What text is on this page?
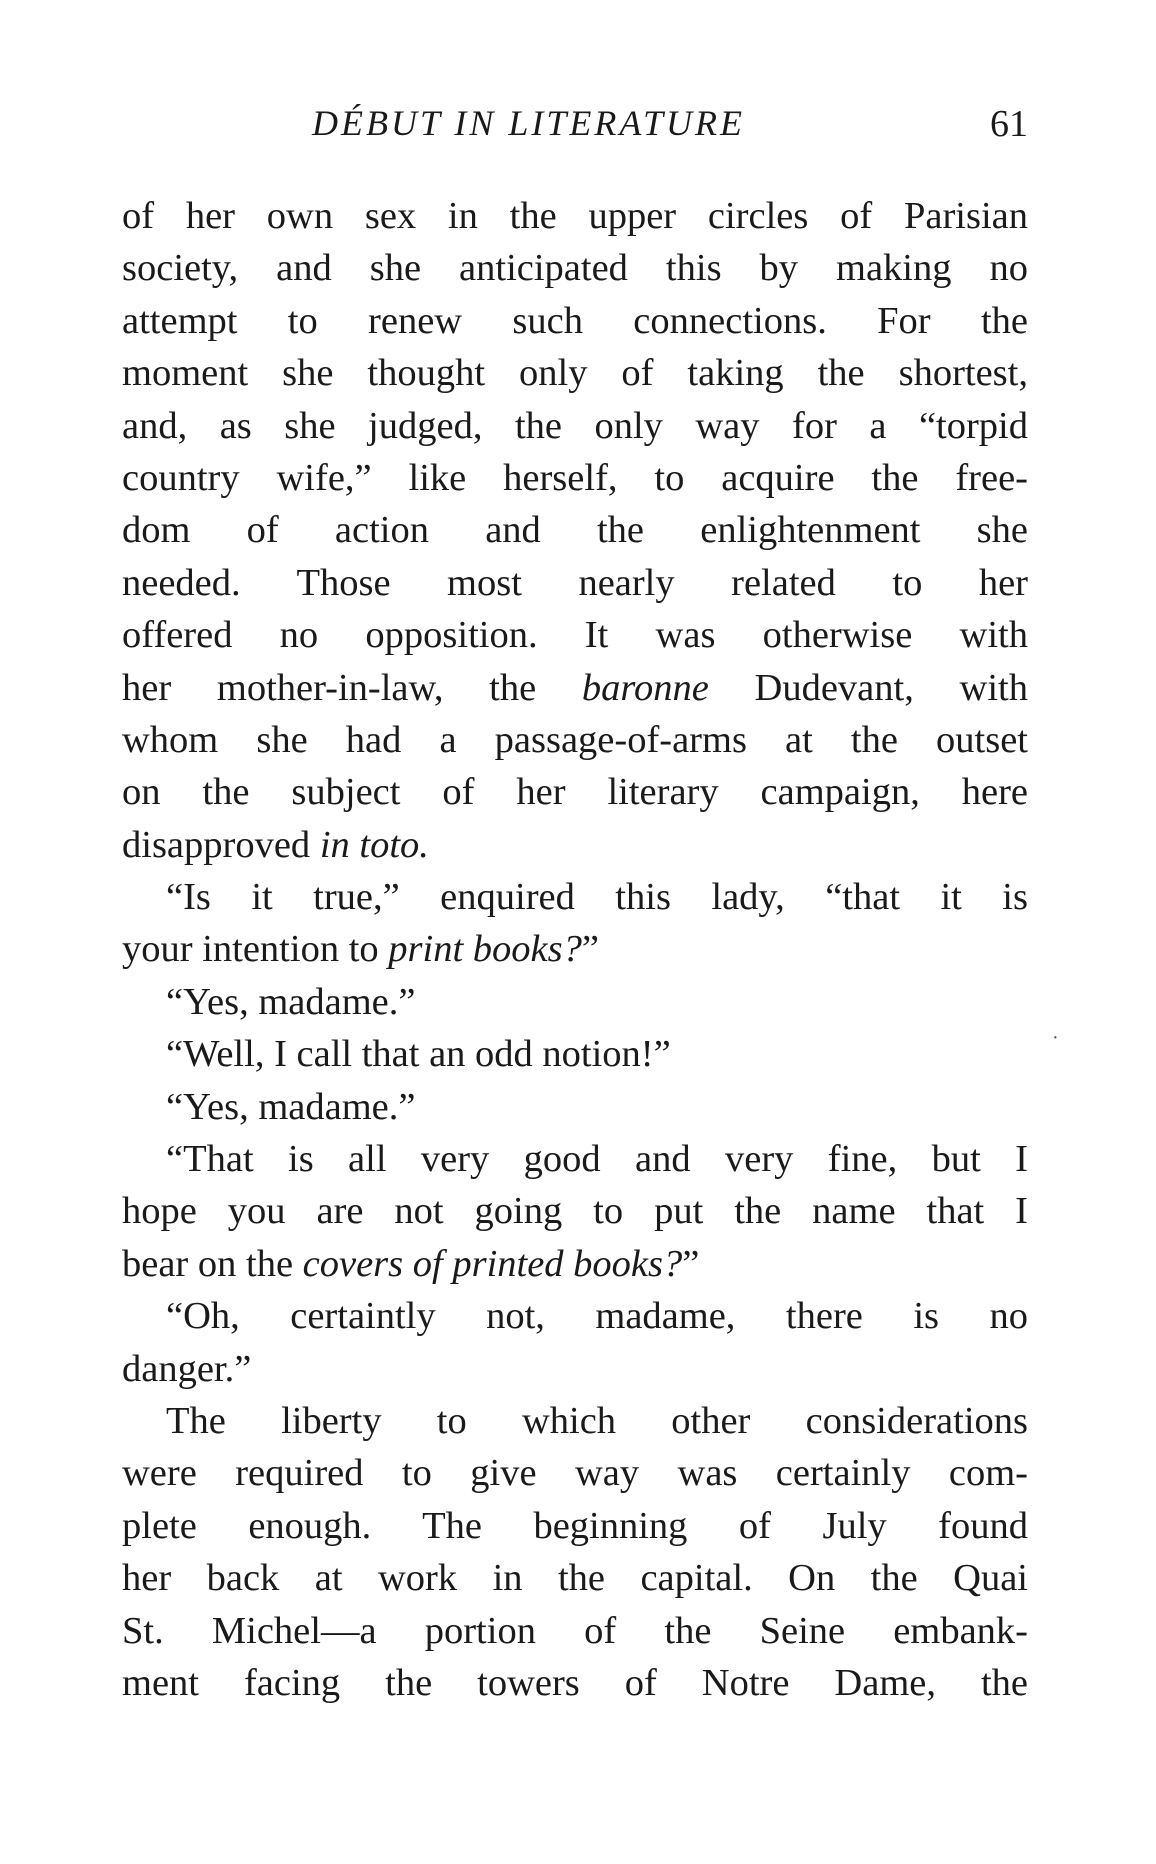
DÉBUT IN LITERATURE	61
of her own sex in the upper circles of Parisian
society, and she anticipated this by making no
attempt to renew such connections. For the
moment she thought only of taking the shortest,
and, as she judged, the only way for a “torpid
country wife,” like herself, to acquire the free-
dom of action and the enlightenment she
needed. Those most nearly related to her
offered no opposition. It was otherwise with
her mother-in-law, the baronne Dudevant, with
whom she had a passage-of-arms at the outset
on the subject of her literary campaign, here
disapproved in toto.
“Is it true,” enquired this lady, “that it is
your intention to print books?”
“Yes, madame.”
“Well, I call that an odd notion!”
“Yes, madame.”
“That is all very good and very fine, but I
hope you are not going to put the name that I
bear on the covers of printed books?”
“Oh, certaintly not, madame, there is no
danger.”
The liberty to which other considerations
were required to give way was certainly com-
plete enough. The beginning of July found
her back at work in the capital. On the Quai
St. Michel—a portion of the Seine embank-
ment facing the towers of Notre Dame, the
·
